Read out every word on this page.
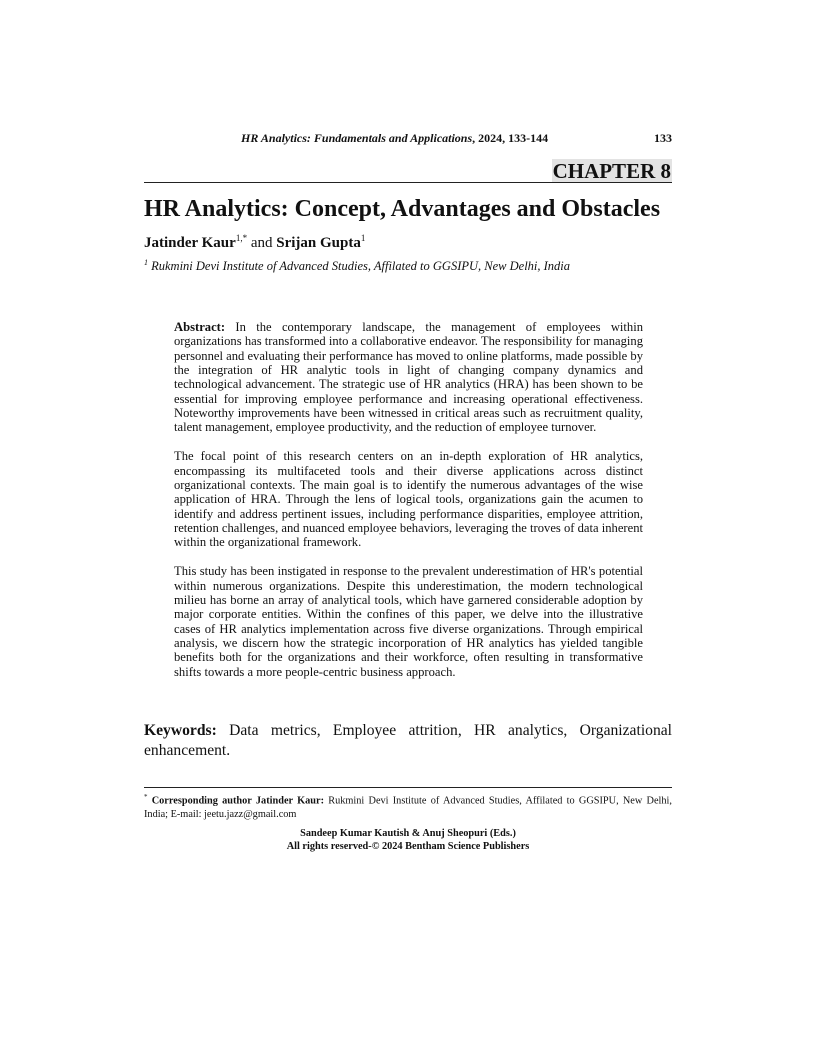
HR Analytics: Fundamentals and Applications, 2024, 133-144	133
CHAPTER 8
HR Analytics: Concept, Advantages and Obstacles
Jatinder Kaur$^{1,*}$ and Srijan Gupta$^1$
$^1$ Rukmini Devi Institute of Advanced Studies, Affilated to GGSIPU, New Delhi, India

Abstract: In the contemporary landscape, the management of employees within organizations has transformed into a collaborative endeavor. The responsibility for managing personnel and evaluating their performance has moved to online platforms, made possible by the integration of HR analytic tools in light of changing company dynamics and technological advancement. The strategic use of HR analytics (HRA) has been shown to be essential for improving employee performance and increasing operational effectiveness. Noteworthy improvements have been witnessed in critical areas such as recruitment quality, talent management, employee productivity, and the reduction of employee turnover.

The focal point of this research centers on an in-depth exploration of HR analytics, encompassing its multifaceted tools and their diverse applications across distinct organizational contexts. The main goal is to identify the numerous advantages of the wise application of HRA. Through the lens of logical tools, organizations gain the acumen to identify and address pertinent issues, including performance disparities, employee attrition, retention challenges, and nuanced employee behaviors, leveraging the troves of data inherent within the organizational framework.

This study has been instigated in response to the prevalent underestimation of HR's potential within numerous organizations. Despite this underestimation, the modern technological milieu has borne an array of analytical tools, which have garnered considerable adoption by major corporate entities. Within the confines of this paper, we delve into the illustrative cases of HR analytics implementation across five diverse organizations. Through empirical analysis, we discern how the strategic incorporation of HR analytics has yielded tangible benefits both for the organizations and their workforce, often resulting in transformative shifts towards a more people-centric business approach.

Keywords: Data metrics, Employee attrition, HR analytics, Organizational enhancement.
* Corresponding author Jatinder Kaur: Rukmini Devi Institute of Advanced Studies, Affilated to GGSIPU, New Delhi, India; E-mail: jeetu.jazz@gmail.com
Sandeep Kumar Kautish & Anuj Sheopuri (Eds.)
All rights reserved-© 2024 Bentham Science Publishers
